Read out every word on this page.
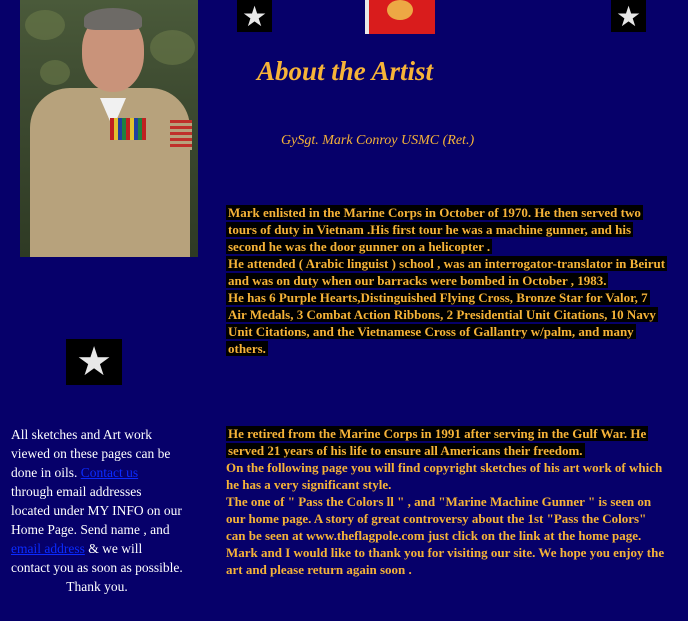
★	★
★
About the Artist
GySgt. Mark Conroy USMC (Ret.)

Mark enlisted in the Marine Corps in October of 1970. He then served two tours of duty in Vietnam .His first tour he was a machine gunner, and his second he was the door gunner on a helicopter .

He attended ( Arabic linguist ) school , was an interrogator-translator in Beirut and was on duty when our barracks were bombed in October , 1983.

He has 6 Purple Hearts,Distinguished Flying Cross, Bronze Star for Valor, 7 Air Medals, 3 Combat Action Ribbons, 2 Presidential Unit Citations, 10 Navy Unit Citations, and the Vietnamese Cross of Gallantry w/palm, and many others.

He retired from the Marine Corps in 1991 after serving in the Gulf War. He served 21 years of his life to ensure all Americans their freedom.

On the following page you will find copyright sketches of his art work of which he has a very significant style.

The one of " Pass the Colors ll " , and "Marine Machine Gunner " is seen on our home page. A story of great controversy about the 1st "Pass the Colors" can be seen at www.theflagpole.com just click on the link at the home page.

Mark and I would like to thank you for visiting our site. We hope you enjoy the art and please return again soon .

All sketches and Art work viewed on these pages can be done in oils. Contact us through email addresses located under MY INFO on our Home Page. Send name , and email address & we will contact you as soon as possible.
Thank you.
